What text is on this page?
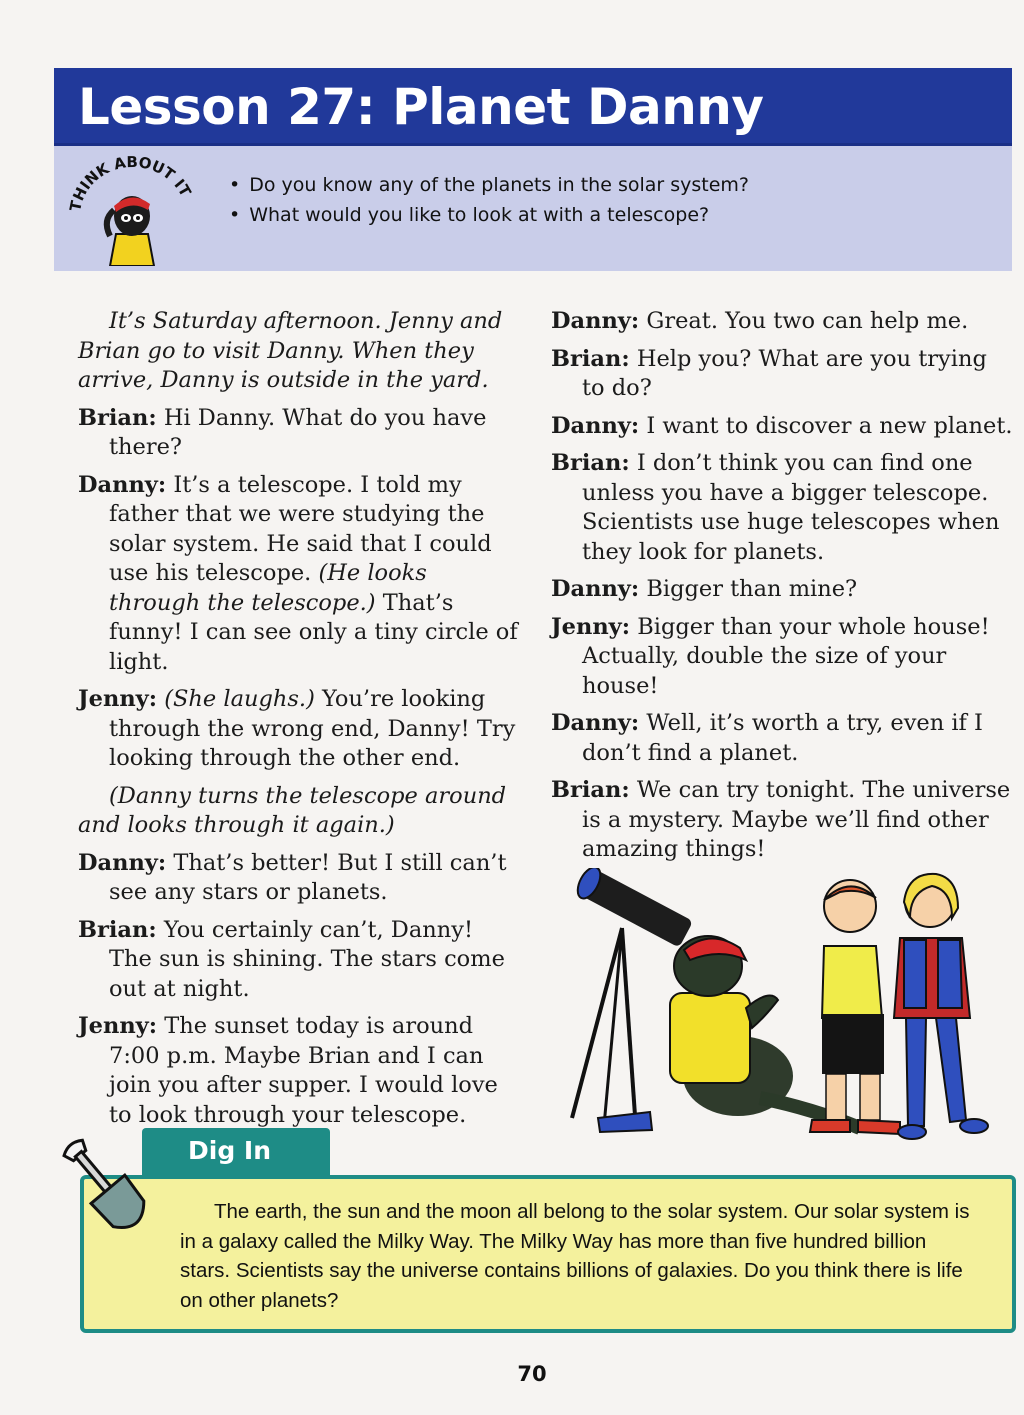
Lesson 27: Planet Danny
THINK ABOUT IT
•	Do you know any of the planets in the solar system?
• What would you like to look at with a telescope?

It’s Saturday afternoon. Jenny and Brian go to visit Danny. When they arrive, Danny is outside in the yard.

Brian: Hi Danny. What do you have there?

Danny: It’s a telescope. I told my father that we were studying the solar system. He said that I could use his telescope. (He looks through the telescope.) That’s funny! I can see only a tiny circle of light.

Jenny: (She laughs.) You’re looking through the wrong end, Danny! Try looking through the other end.

(Danny turns the telescope around and looks through it again.)

Danny: That’s better! But I still can’t see any stars or planets.

Brian: You certainly can’t, Danny! The sun is shining. The stars come out at night.

Jenny: The sunset today is around 7:00 p.m. Maybe Brian and I can join you after supper. I would love to look through your telescope.

Danny: Great. You two can help me.

Brian: Help you? What are you trying to do?

Danny: I want to discover a new planet.

Brian: I don’t think you can find one unless you have a bigger telescope. Scientists use huge telescopes when they look for planets.

Danny: Bigger than mine?

Jenny: Bigger than your whole house! Actually, double the size of your house!

Danny: Well, it’s worth a try, even if I don’t find a planet.

Brian: We can try tonight. The universe is a mystery. Maybe we’ll find other amazing things!

Dig In

The earth, the sun and the moon all belong to the solar system. Our solar system is in a galaxy called the Milky Way. The Milky Way has more than five hundred billion stars. Scientists say the universe contains billions of galaxies. Do you think there is life on other planets?

70
